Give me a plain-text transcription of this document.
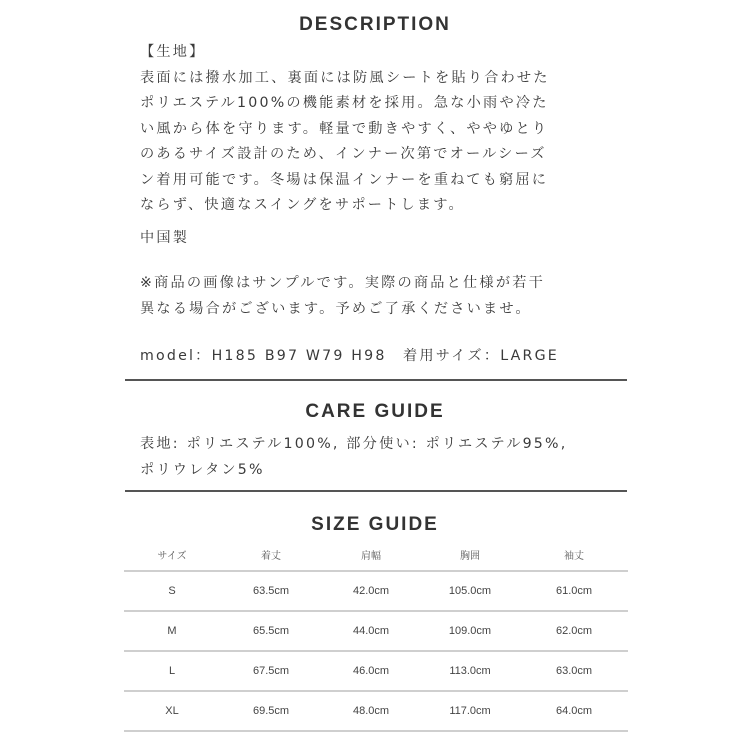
DESCRIPTION
【生地】
表面には撥水加工、裏面には防風シートを貼り合わせた
ポリエステル100%の機能素材を採用。急な小雨や冷た
い風から体を守ります。軽量で動きやすく、ややゆとり
のあるサイズ設計のため、インナー次第でオールシーズ
ン着用可能です。冬場は保温インナーを重ねても窮屈に
ならず、快適なスイングをサポートします。
中国製
※商品の画像はサンプルです。実際の商品と仕様が若干
異なる場合がございます。予めご了承くださいませ。
model：H185 B97 W79 H98　着用サイズ：LARGE
CARE GUIDE
表地: ポリエステル100%, 部分使い: ポリエステル95%,
ポリウレタン5%
SIZE GUIDE
サイズ	着丈	肩幅	胸囲	袖丈
S	63.5cm	42.0cm	105.0cm	61.0cm
M	65.5cm	44.0cm	109.0cm	62.0cm
L	67.5cm	46.0cm	113.0cm	63.0cm
XL	69.5cm	48.0cm	117.0cm	64.0cm
